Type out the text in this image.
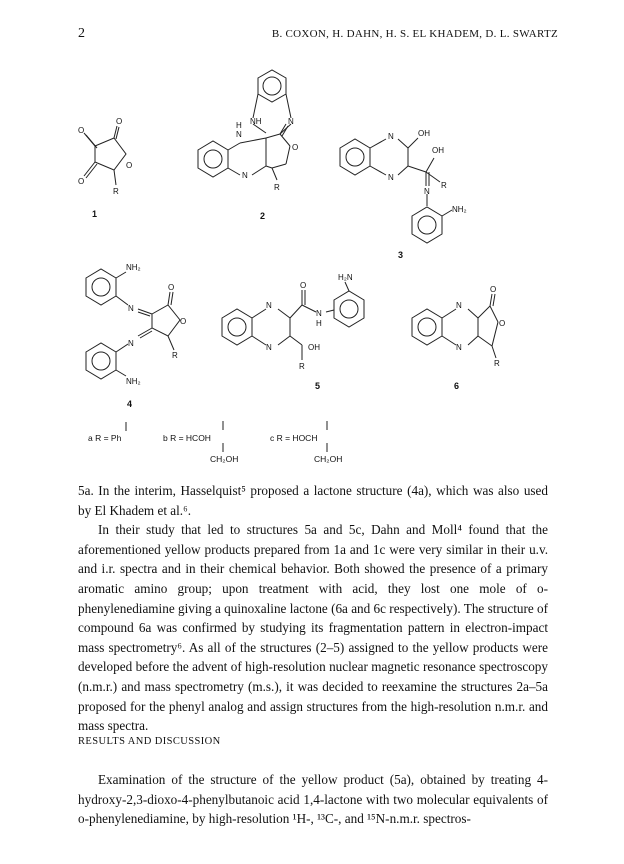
2	B. COXON, H. DAHN, H. S. EL KHADEM, D. L. SWARTZ
O
O
O
O
R
H NH	N
N
O
N
R
N	OH
N
OH
R
N
NH₂
NH₂
N
O
O
N
R
NH₂
N
N
O
N
H
H₂N
OH
R
N
N
O
O
R
1	2
3
4
5	6
a R = Ph	b R = HCOH
CH₂OH
c R = HOCH
CH₂OH

5a. In the interim, Hasselquist⁵ proposed a lactone structure (4a), which was also used by El Khadem et al.⁶.

In their study that led to structures 5a and 5c, Dahn and Moll⁴ found that the aforementioned yellow products prepared from 1a and 1c were very similar in their u.v. and i.r. spectra and in their chemical behavior. Both showed the presence of a primary aromatic amino group; upon treatment with acid, they lost one mole of o-phenylenediamine giving a quinoxaline lactone (6a and 6c respectively). The structure of compound 6a was confirmed by studying its fragmentation pattern in electron-impact mass spectrometry⁶. As all of the structures (2–5) assigned to the yellow products were developed before the advent of high-resolution nuclear magnetic resonance spectroscopy (n.m.r.) and mass spectrometry (m.s.), it was decided to reexamine the structures 2a–5a proposed for the phenyl analog and assign structures from the high-resolution n.m.r. and mass spectra.

RESULTS AND DISCUSSION

Examination of the structure of the yellow product (5a), obtained by treating 4-hydroxy-2,3-dioxo-4-phenylbutanoic acid 1,4-lactone with two molecular equivalents of o-phenylenediamine, by high-resolution ¹H-, ¹³C-, and ¹⁵N-n.m.r. spectros-
